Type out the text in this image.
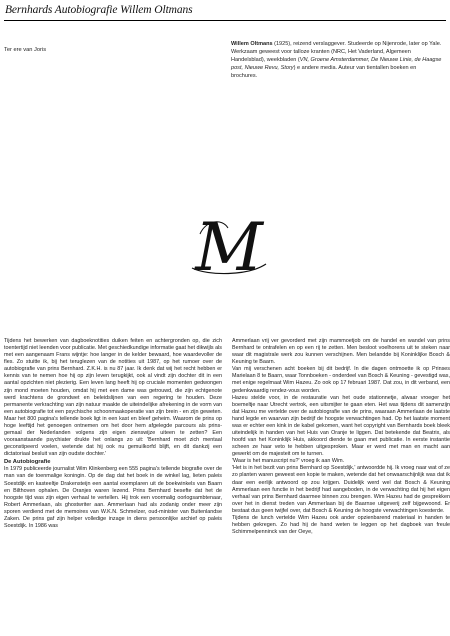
Bernhards Autobiografie Willem Oltmans
Ter ere van Joris
Willem Oltmans (1925), reizend verslaggever. Studeerde op Nijenrode, later op Yale. Werkzaam geweest voor talloze kranten (NRC, Het Vaderland, Algemeen Handelsblad), weekbladen (VN, Groene Amsterdammer, De Nieuwe Linie, de Haagse post, Nieuwe Revu, Story) e andere media. Auteur van tientallen boeken en brochures.
M

Tijdens het bewerken van dagboeknotities duiken feiten en achtergronden op, die zich toentertijd niet leenden voor publicatie. Met geschiedkundige informatie gaat het dikwijls als met een aangenaam Frans wijntje: hoe langer in de kelder bewaard, hoe waardevoller de fles. Zo stuitte ik, bij het teruglezen van de notities uit 1987, op het rumoer over de autobiografie van prins Bernhard. Z.K.H. is nu 87 jaar. Ik denk dat wij het recht hebben er kennis van te nemen hoe hij op zijn leven terugkijkt, ook al vindt zijn dochter dit in een aantal opzichten niet plezierig. Een leven lang heeft hij op cruciale momenten gedwongen zijn mond moeten houden, omdat hij met een dame was getrouwd, die zijn echtgenote werd krachtens de grondwet en beleidslijnen van een regering te houden. Deze permanente verkrachting van zijn natuur maakte de uiteindelijke afrekening in de vorm van een autobiografie tot een psychische schoonmaakoperatie van zijn brein - en zijn geweten. Maar het 800 pagina's tellende boek ligt in een kast en bleef geheim. Waarom de prins op hoge leeftijd het genoegen ontnemen om het door hem afgelegde parcours als prins-gemaal der Nederlanden volgens zijn eigen zienswijze uiteen te zetten? Een vooraanstaande psychiater drukte het onlangs zo uit: 'Bernhard moet zich mentaal geconstipeerd voelen, wetende dat hij ook nu gemuilkorfd blijft, en dit dankzij een dictatoriaal besluit van zijn oudste dochter.'

De Autobiografie

In 1979 publiceerde journalist Wim Klinkenberg een 555 pagina's tellende biografie over de man van de toenmalige koningin. Op de dag dat het boek in de winkel lag, lieten paleis Soestdijk en kasteeltje Drakensteijn een aantal exemplaren uit de boekwinkels van Baarn en Bilthoven ophalen. De Oranjes waren lezend. Prins Bernhard besefte dat het de hoogste tijd was zijn eigen verhaal te vertellen. Hij trok een voormalig oorlogsambtenaar, Robert Ammerlaan, als ghostwriter aan. Ammerlaan had als zodanig onder meer zijn sporen verdiend met de memoires van W.K.N. Schmelzer, oud-minister van Buitenlandse Zaken. De prins gaf zijn helper volledige inzage in diens persoonlijke archief op paleis Soestdijk. In 1986 was

Ammerlaan vrij ver gevorderd met zijn mammoetjob om de handel en wandel van prins Bernhard te ontrafelen en op een rij te zetten. Men besloot voelhorens uit te steken naar waar dit magistrale werk zou kunnen verschijnen. Men belandde bij Koninklijke Bosch & Keuning te Baarn.

Van mij verschenen acht boeken bij dit bedrijf. In die dagen ontmoette ik op Prinses Marielaan 8 te Baarn, waar Tonnboeken - onderdeel van Bosch & Keuning - gevestigd was, met enige regelmaat Wim Hazeu. Zo ook op 17 februari 1987. Dat zou, in dit verband, een gedenkwaardig rendez-vous worden.

Hazeu stelde voor, in de restauratie van het oude stationnetje, alwaar vroeger het boemeltje naar Utrecht vertrok, een uitsmijter te gaan eten. Het was tijdens dit samenzijn dat Hazeu me vertelde over de autobiografie van de prins, waaraan Ammerlaan de laatste hand legde en waarvan zijn bedrijf de hoogste verwachtingen had. Op het laatste moment was er echter een kink in de kabel gekomen, want het copyright van Bernhards boek bleek uiteindelijk in handen van het Huis van Oranje te liggen. Dat betekende dat Beatrix, als hoofd van het Koninklijk Huis, akkoord diende te gaan met publicatie. In eerste instantie scheen ze haar veto te hebben uitgesproken. Maar er werd met man en macht aan gewerkt om de majesteit om te turnen.

'Waar is het manuscript nu?' vroeg ik aan Wim.

'Het is in het bezit van prins Bernhard op Soestdijk,' antwoordde hij. Ik vroeg naar wat of ze zo planten waren geweest een kopie te maken, wetende dat het onwaarschijnlijk was dat ik daar een eerlijk antwoord op zou krijgen. Duidelijk werd wel dat Bosch & Keuning Ammerlaan een functie in het bedrijf had aangeboden, in de verwachting dat hij het eigen verhaal van prins Bernhard daarmee binnen zou brengen. Wim Hazeu had de gesprekken over het in dienst treden van Ammerlaan bij de Baarnse uitgeverij zelf bijgewoond. Er bestaat dus geen twijfel over, dat Bosch & Keuning de hoogste verwachtingen koesterde.

Tijdens de lunch vertelde Wim Hazeu ook ander opzienbarend materiaal in handen te hebben gekregen. Zo had hij de hand weten te leggen op het dagboek van freule Schimmelpenninck van der Oeye,
